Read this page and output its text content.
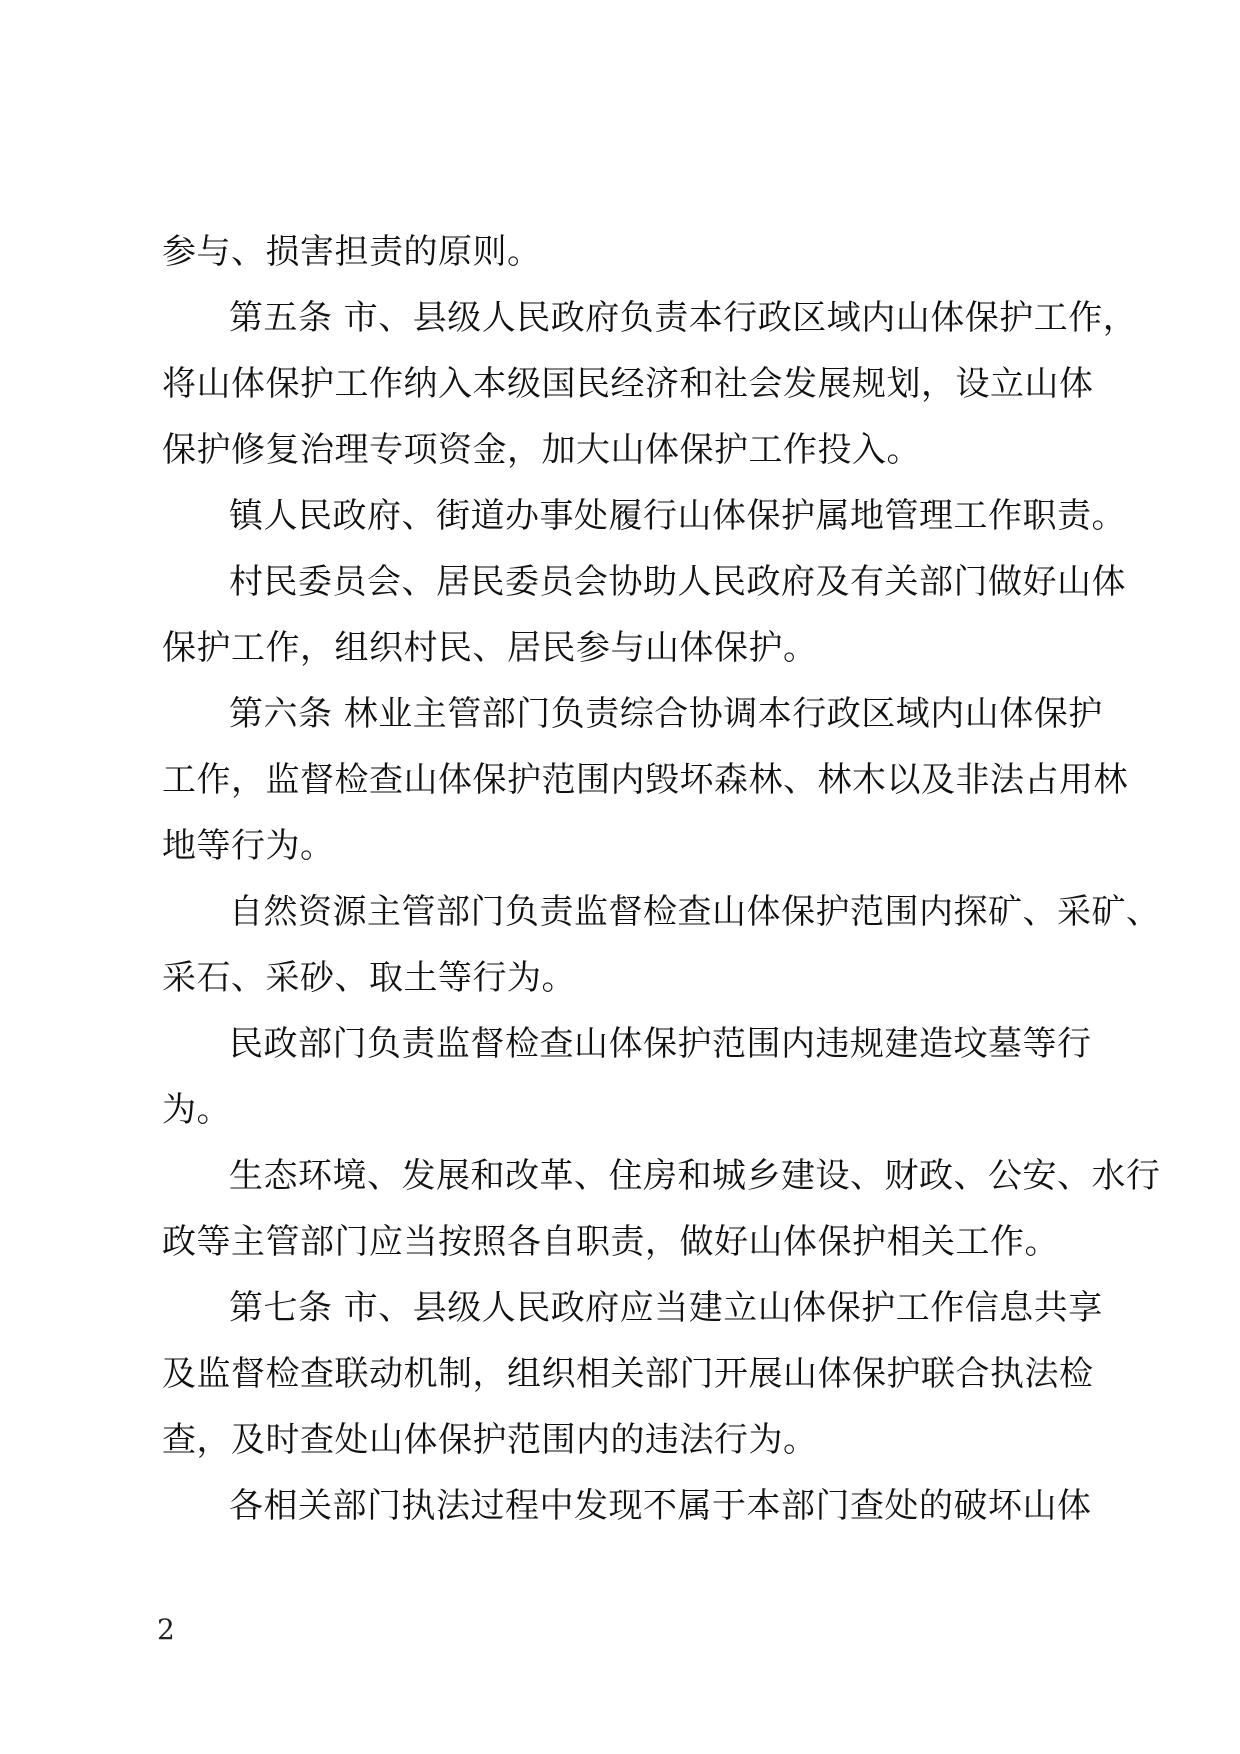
参与、损害担责的原则。
第五条 市、县级人民政府负责本行政区域内山体保护工作，
将山体保护工作纳入本级国民经济和社会发展规划，设立山体
保护修复治理专项资金，加大山体保护工作投入。
镇人民政府、街道办事处履行山体保护属地管理工作职责。
村民委员会、居民委员会协助人民政府及有关部门做好山体
保护工作，组织村民、居民参与山体保护。
第六条 林业主管部门负责综合协调本行政区域内山体保护
工作，监督检查山体保护范围内毁坏森林、林木以及非法占用林
地等行为。
自然资源主管部门负责监督检查山体保护范围内探矿、采矿、
采石、采砂、取土等行为。
民政部门负责监督检查山体保护范围内违规建造坟墓等行
为。
生态环境、发展和改革、住房和城乡建设、财政、公安、水行
政等主管部门应当按照各自职责，做好山体保护相关工作。
第七条 市、县级人民政府应当建立山体保护工作信息共享
及监督检查联动机制，组织相关部门开展山体保护联合执法检
查，及时查处山体保护范围内的违法行为。
各相关部门执法过程中发现不属于本部门查处的破坏山体
2
